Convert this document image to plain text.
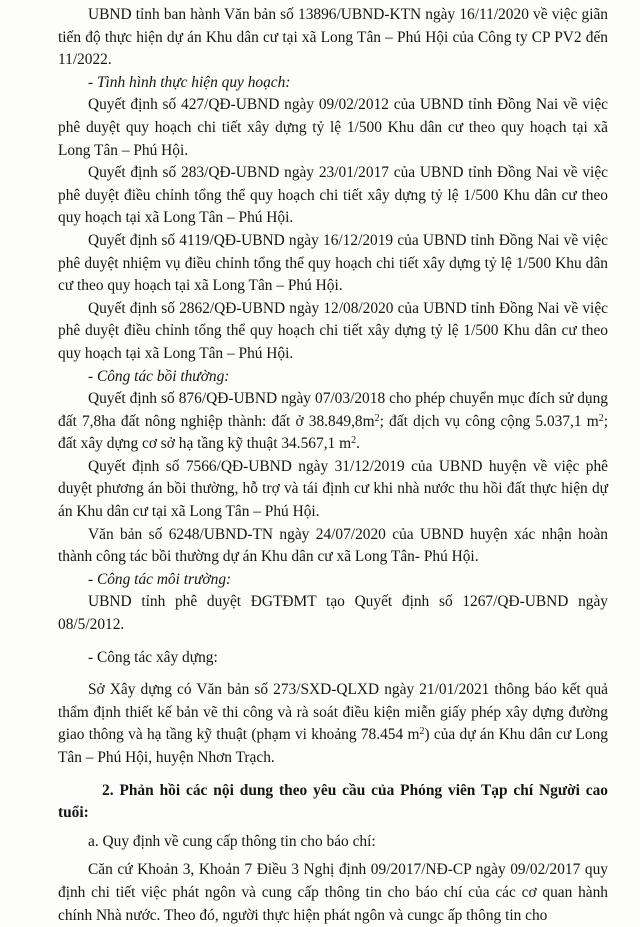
UBND tỉnh ban hành Văn bản số 13896/UBND-KTN ngày 16/11/2020 về việc giãn tiến độ thực hiện dự án Khu dân cư tại xã Long Tân – Phú Hội của Công ty CP PV2 đến 11/2022.

- Tình hình thực hiện quy hoạch:

Quyết định số 427/QĐ-UBND ngày 09/02/2012 của UBND tỉnh Đồng Nai về việc phê duyệt quy hoạch chi tiết xây dựng tỷ lệ 1/500 Khu dân cư theo quy hoạch tại xã Long Tân – Phú Hội.

Quyết định số 283/QĐ-UBND ngày 23/01/2017 của UBND tỉnh Đồng Nai về việc phê duyệt điều chỉnh tổng thể quy hoạch chi tiết xây dựng tỷ lệ 1/500 Khu dân cư theo quy hoạch tại xã Long Tân – Phú Hội.

Quyết định số 4119/QĐ-UBND ngày 16/12/2019 của UBND tỉnh Đồng Nai về việc phê duyệt nhiệm vụ điều chỉnh tổng thể quy hoạch chi tiết xây dựng tỷ lệ 1/500 Khu dân cư theo quy hoạch tại xã Long Tân – Phú Hội.

Quyết định số 2862/QĐ-UBND ngày 12/08/2020 của UBND tỉnh Đồng Nai về việc phê duyệt điều chỉnh tổng thể quy hoạch chi tiết xây dựng tỷ lệ 1/500 Khu dân cư theo quy hoạch tại xã Long Tân – Phú Hội.

- Công tác bồi thường:

Quyết định số 876/QĐ-UBND ngày 07/03/2018 cho phép chuyển mục đích sử dụng đất 7,8ha đất nông nghiệp thành: đất ở $38.849,8m^2$; đất dịch vụ công cộng 5.037,1 $m^2$; đất xây dựng cơ sở hạ tầng kỹ thuật 34.567,1 $m^2$.

Quyết định số 7566/QĐ-UBND ngày 31/12/2019 của UBND huyện về việc phê duyệt phương án bồi thường, hỗ trợ và tái định cư khi nhà nước thu hồi đất thực hiện dự án Khu dân cư tại xã Long Tân – Phú Hội.

Văn bản số 6248/UBND-TN ngày 24/07/2020 của UBND huyện xác nhận hoàn thành công tác bồi thường dự án Khu dân cư xã Long Tân- Phú Hội.

- Công tác môi trường:

UBND tỉnh phê duyệt ĐGTĐMT tạo Quyết định số 1267/QĐ-UBND ngày 08/5/2012.

- Công tác xây dựng:

Sở Xây dựng có Văn bản số 273/SXD-QLXD ngày 21/01/2021 thông báo kết quả thẩm định thiết kế bản vẽ thi công và rà soát điều kiện miễn giấy phép xây dựng đường giao thông và hạ tầng kỹ thuật (phạm vi khoảng 78.454 $m^2$) của dự án Khu dân cư Long Tân – Phú Hội, huyện Nhơn Trạch.

2. Phản hồi các nội dung theo yêu cầu của Phóng viên Tạp chí Người cao tuổi:

a. Quy định về cung cấp thông tin cho báo chí:

Căn cứ Khoản 3, Khoản 7 Điều 3 Nghị định 09/2017/NĐ-CP ngày 09/02/2017 quy định chi tiết việc phát ngôn và cung cấp thông tin cho báo chí của các cơ quan hành chính Nhà nước. Theo đó, người thực hiện phát ngôn và cungc ấp thông tin cho
